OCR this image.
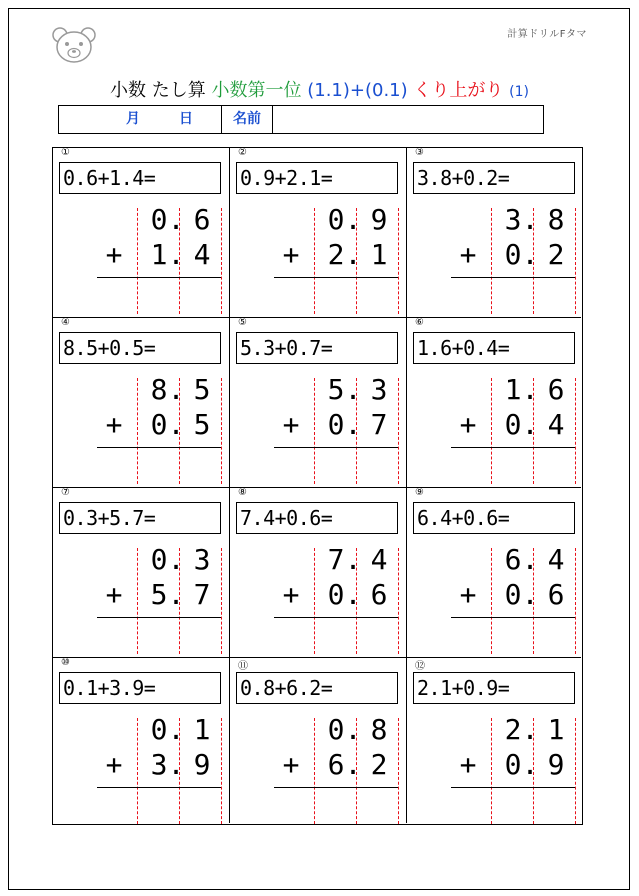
計算ドリルFタマ
小数 たし算 小数第一位 (1.1)+(0.1) くり上がり (1)
月	日	名前
①
0.6+1.4=
0 . 6
+ 1 . 4
②
0.9+2.1=
0 . 9
+ 2 . 1
③
3.8+0.2=
3 . 8
+ 0 . 2
④
8.5+0.5=
8 . 5
+ 0 . 5
⑤
5.3+0.7=
5 . 3
+ 0 . 7
⑥
1.6+0.4=
1 . 6
+ 0 . 4
⑦
0.3+5.7=
0 . 3
+ 5 . 7
⑧
7.4+0.6=
7 . 4
+ 0 . 6
⑨
6.4+0.6=
6 . 4
+ 0 . 6
⑩
0.1+3.9=
0 . 1
+ 3 . 9
⑪
0.8+6.2=
0 . 8
+ 6 . 2
⑫
2.1+0.9=
2 . 1
+ 0 . 9
